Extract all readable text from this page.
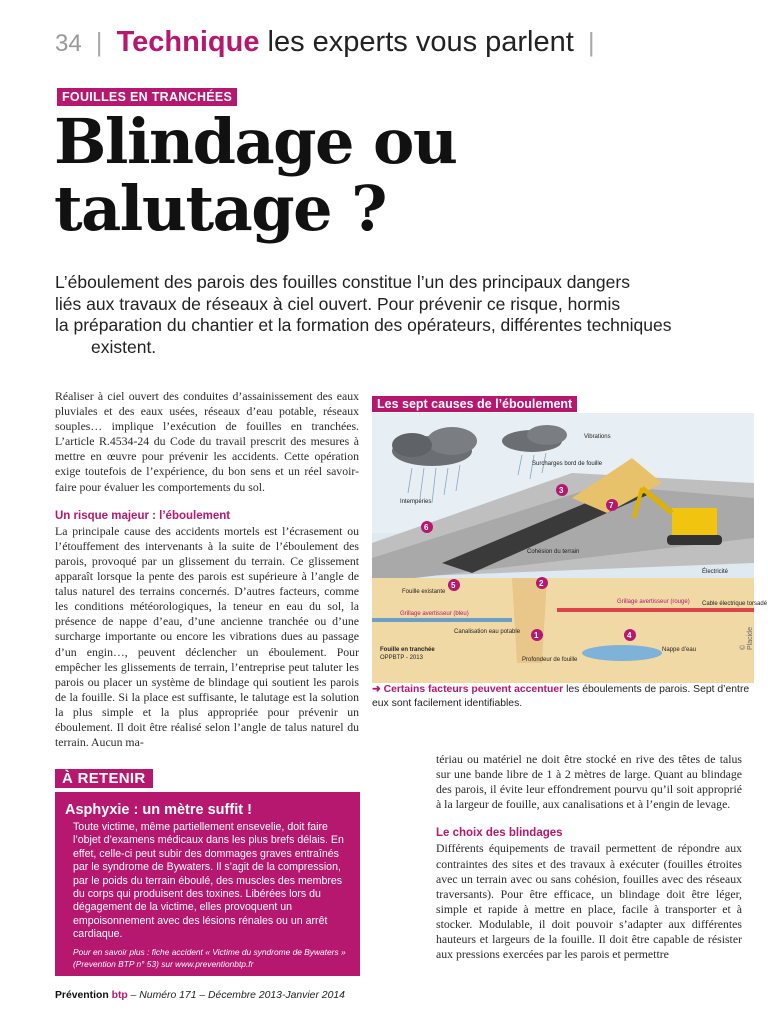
34 | Technique les experts vous parlent |
FOUILLES EN TRANCHÉES
Blindage ou
talutage ?
L’éboulement des parois des fouilles constitue l’un des principaux dangers
liés aux travaux de réseaux à ciel ouvert. Pour prévenir ce risque, hormis
la préparation du chantier et la formation des opérateurs, différentes techniques
existent.

Réaliser à ciel ouvert des conduites d’assainissement des eaux pluviales et des eaux usées, réseaux d’eau potable, réseaux souples… implique l’exécution de fouilles en tranchées. L’article R.4534-24 du Code du travail prescrit des mesures à mettre en œuvre pour prévenir les accidents. Cette opération exige toutefois de l’expérience, du bon sens et un réel savoir-faire pour évaluer les comportements du sol.

Un risque majeur : l’éboulement

La principale cause des accidents mortels est l’écrasement ou l’étouffement des intervenants à la suite de l’éboulement des parois, provoqué par un glissement du terrain. Ce glissement apparaît lorsque la pente des parois est supérieure à l’angle de talus naturel des terrains concernés. D’autres facteurs, comme les conditions météorologiques, la teneur en eau du sol, la présence de nappe d’eau, d’une ancienne tranchée ou d’une surcharge importante ou encore les vibrations dues au passage d’un engin…, peuvent déclencher un éboulement. Pour empêcher les glissements de terrain, l’entreprise peut taluter les parois ou placer un système de blindage qui soutient les parois de la fouille. Si la place est suffisante, le talutage est la solution la plus simple et la plus appropriée pour prévenir un éboulement. Il doit être réalisé selon l’angle de talus naturel du terrain. Aucun ma-

À RETENIR
Asphyxie : un mètre suffit !
Toute victime, même partiellement ensevelie, doit faire l’objet d’examens médicaux dans les plus brefs délais. En effet, celle-ci peut subir des dommages graves entraînés par le syndrome de Bywaters. Il s’agit de la compression, par le poids du terrain éboulé, des muscles des membres du corps qui produisent des toxines. Libérées lors du dégagement de la victime, elles provoquent un empoisonnement avec des lésions rénales ou un arrêt cardiaque.
Pour en savoir plus : fiche accident « Victime du syndrome de Bywaters » (Prevention BTP n° 53) sur www.preventionbtp.fr
Les sept causes de l’éboulement
Intempéries
Surcharges bord de fouille
Vibrations
Cohésion du terrain
Fouille existante
Grillage avertisseur (bleu)
Canalisation eau potable
Profondeur de fouille
Nappe d’eau
Électricité
Grillage avertisseur (rouge) Cable électrique torsadé
Fouille en tranchée
OPPBTP - 2013
1
2
3
4
5
6
7
© Placide
➜ Certains facteurs peuvent accentuer les éboulements de parois. Sept d’entre eux sont facilement identifiables.

tériau ou matériel ne doit être stocké en rive des têtes de talus sur une bande libre de 1 à 2 mètres de large. Quant au blindage des parois, il évite leur effondrement pourvu qu’il soit approprié à la largeur de fouille, aux canalisations et à l’engin de levage.

Le choix des blindages

Différents équipements de travail permettent de répondre aux contraintes des sites et des travaux à exécuter (fouilles étroites avec un terrain avec ou sans cohésion, fouilles avec des réseaux traversants). Pour être efficace, un blindage doit être léger, simple et rapide à mettre en place, facile à transporter et à stocker. Modulable, il doit pouvoir s’adapter aux différentes hauteurs et largeurs de la fouille. Il doit être capable de résister aux pressions exercées par les parois et permettre

Prévention btp – Numéro 171 – Décembre 2013-Janvier 2014
